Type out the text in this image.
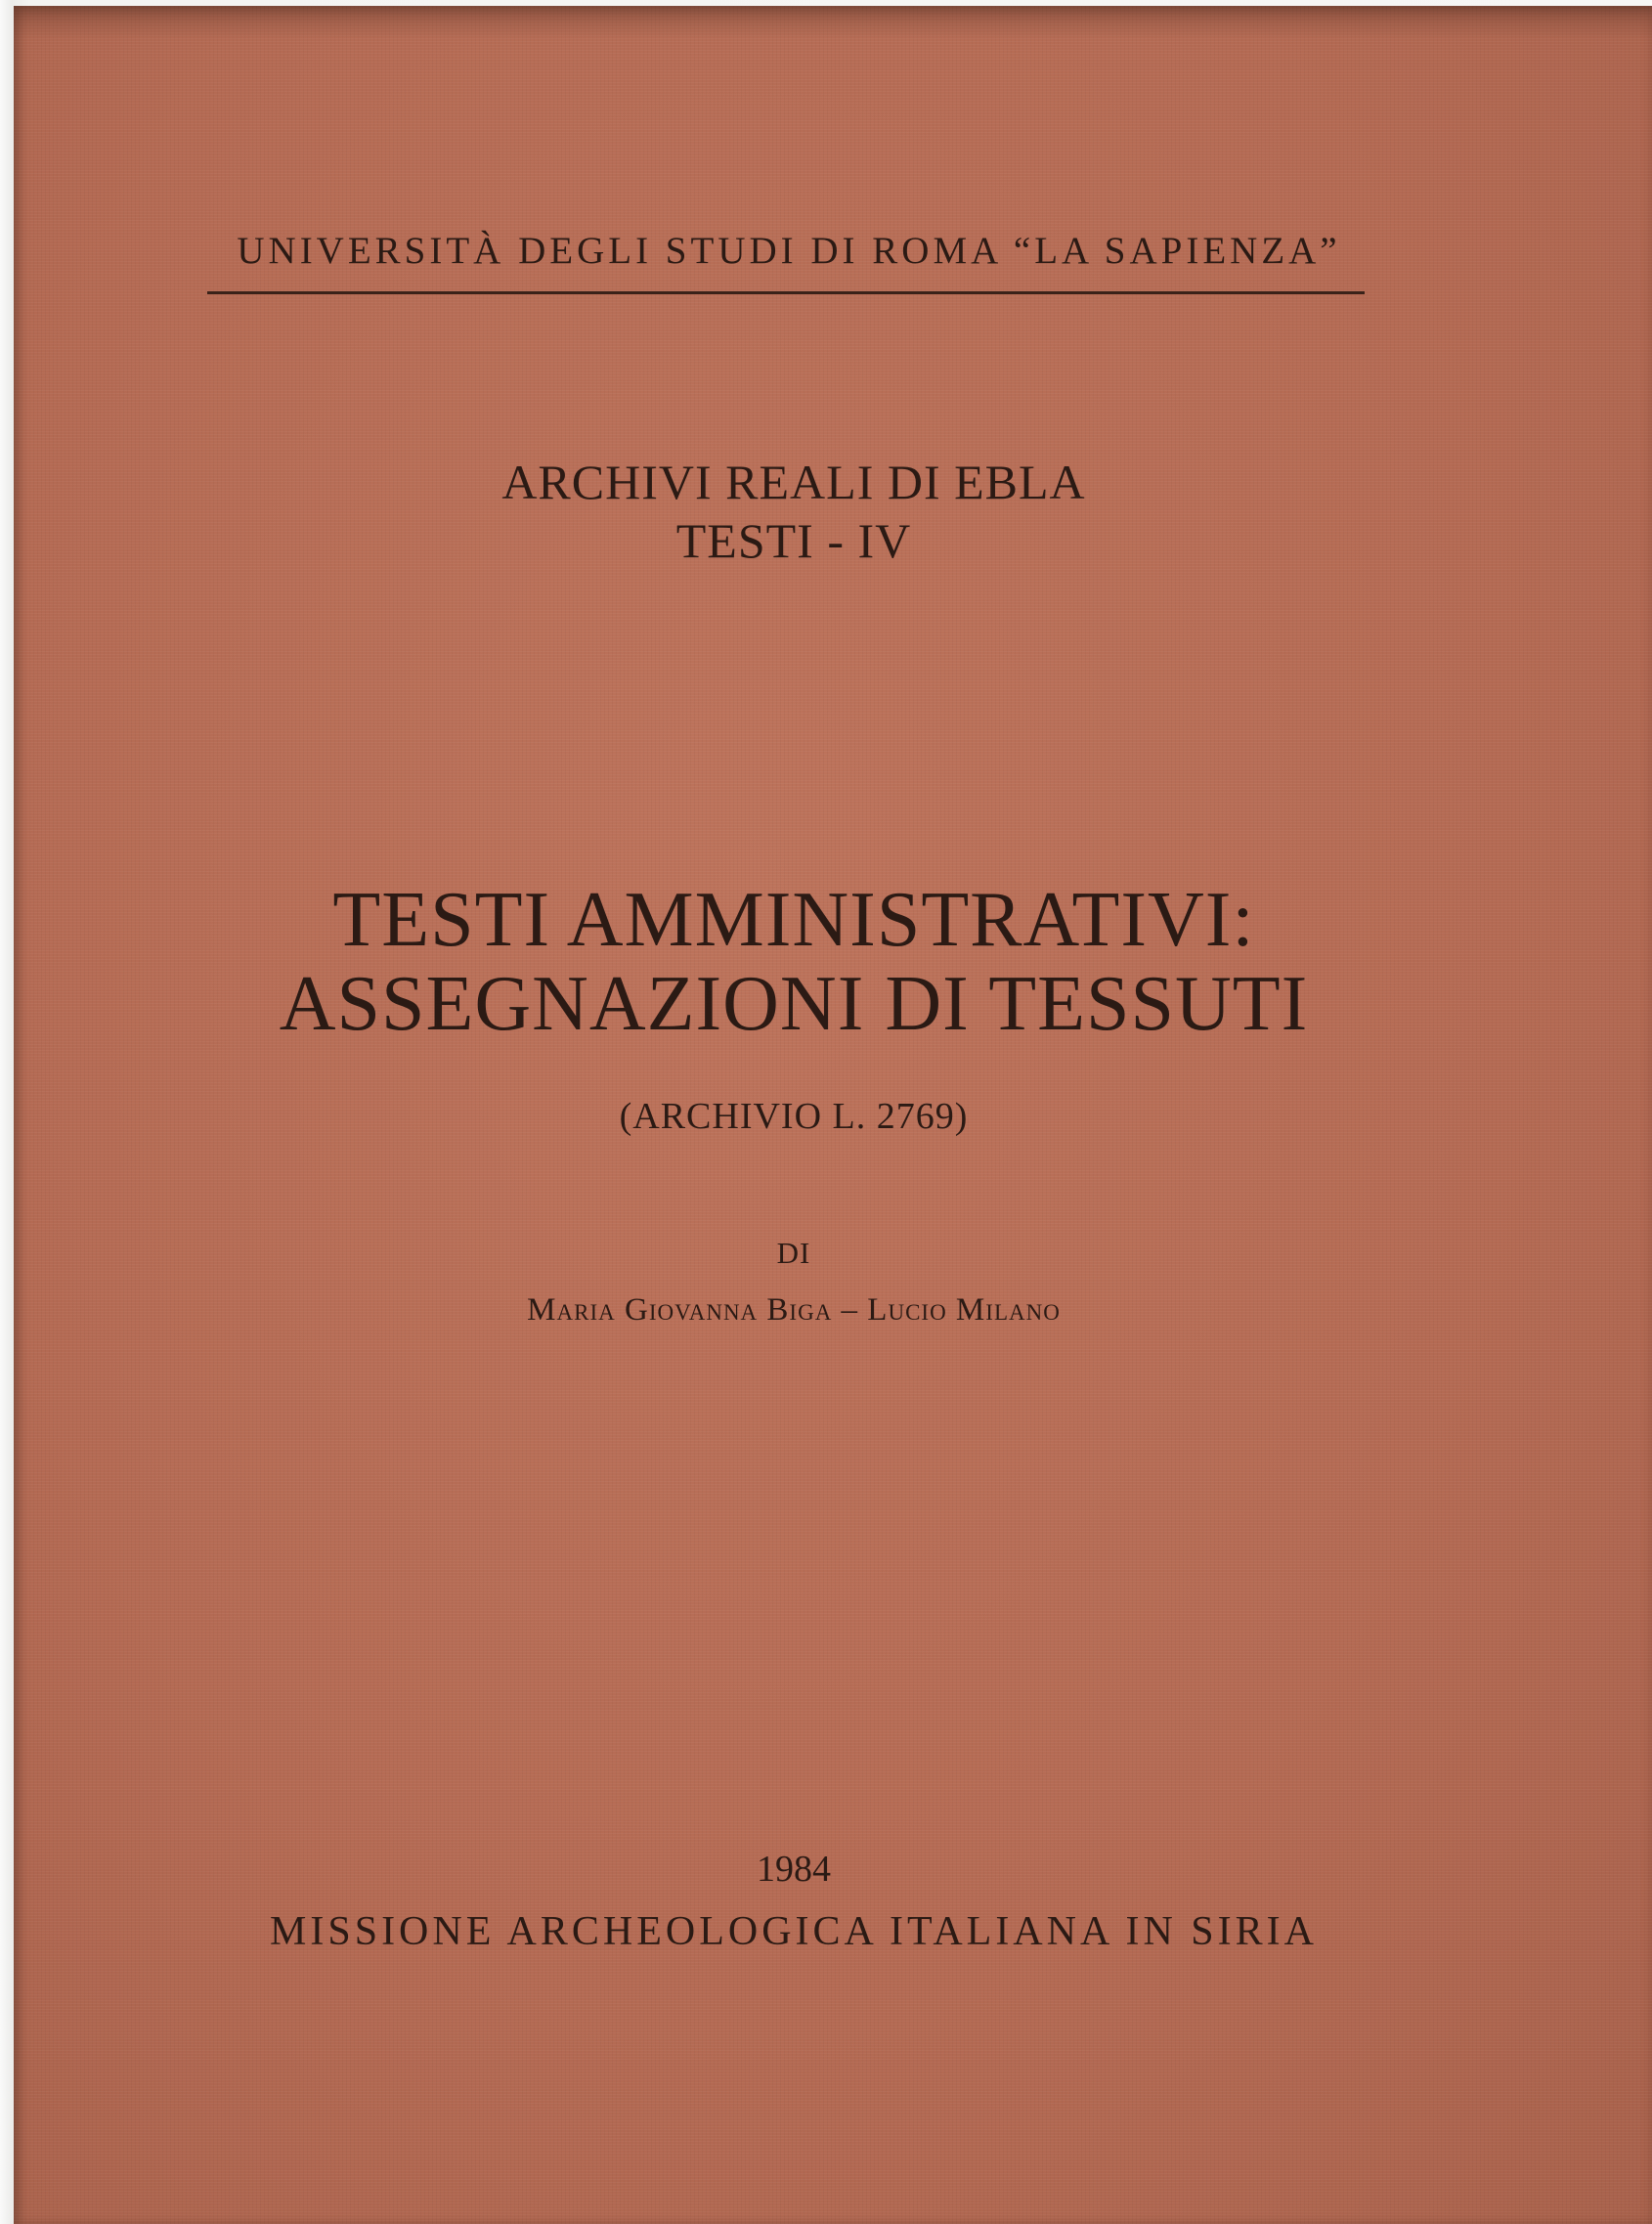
UNIVERSITÀ DEGLI STUDI DI ROMA “LA SAPIENZA”

ARCHIVI REALI DI EBLA

TESTI - IV

TESTI AMMINISTRATIVI:

ASSEGNAZIONI DI TESSUTI

(ARCHIVIO L. 2769)

DI

Maria Giovanna Biga – Lucio Milano

1984

MISSIONE ARCHEOLOGICA ITALIANA IN SIRIA
